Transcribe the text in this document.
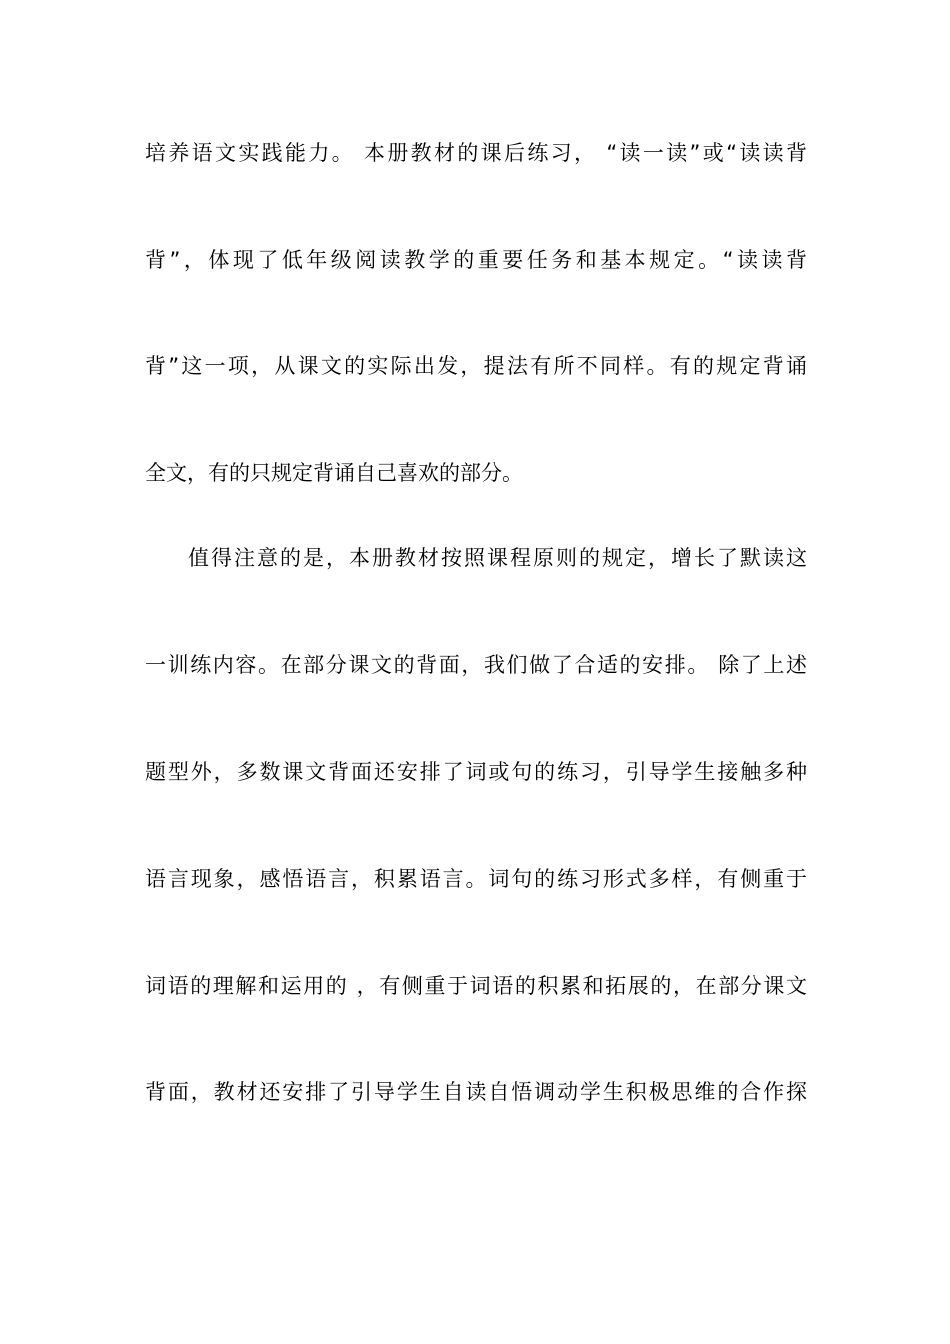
培养语文实践能力。 本册教材的课后练习， “读一读”或“读读背
背”，体现了低年级阅读教学的重要任务和基本规定。“读读背
背”这一项，从课文的实际出发，提法有所不同样。有的规定背诵
全文，有的只规定背诵自己喜欢的部分。
值得注意的是，本册教材按照课程原则的规定，增长了默读这
一训练内容。在部分课文的背面，我们做了合适的安排。 除了上述
题型外，多数课文背面还安排了词或句的练习，引导学生接触多种
语言现象，感悟语言，积累语言。词句的练习形式多样，有侧重于
词语的理解和运用的 ，有侧重于词语的积累和拓展的，在部分课文
背面，教材还安排了引导学生自读自悟调动学生积极思维的合作探
